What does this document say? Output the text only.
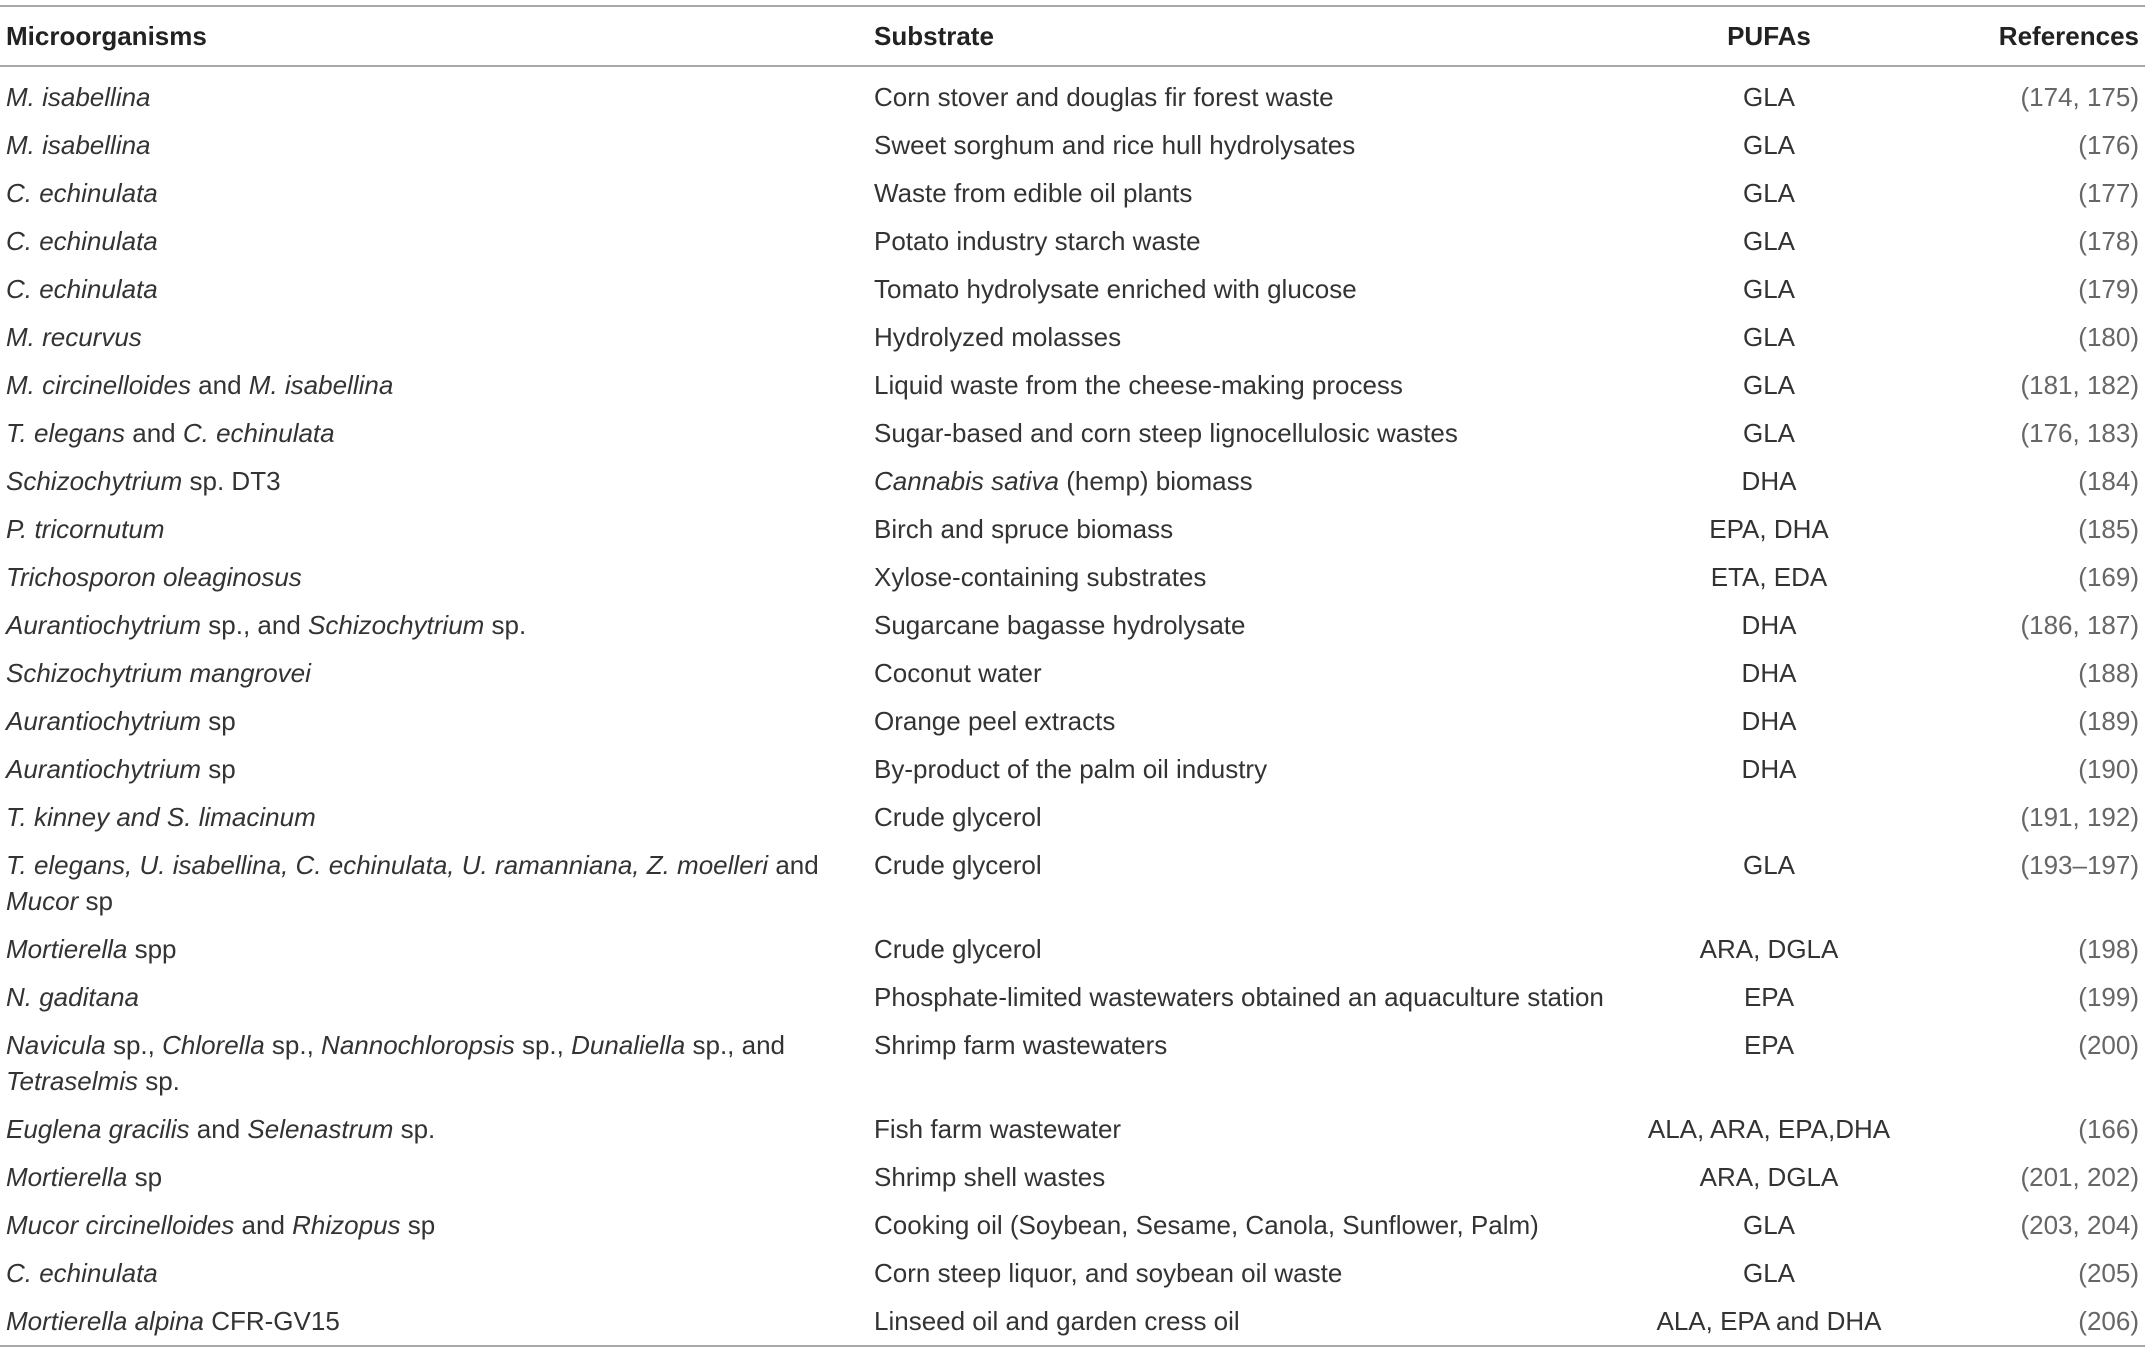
Microorganisms	Substrate	PUFAs	References
M. isabellina	Corn stover and douglas fir forest waste	GLA	(174, 175)
M. isabellina	Sweet sorghum and rice hull hydrolysates	GLA	(176)
C. echinulata	Waste from edible oil plants	GLA	(177)
C. echinulata	Potato industry starch waste	GLA	(178)
C. echinulata	Tomato hydrolysate enriched with glucose	GLA	(179)
M. recurvus	Hydrolyzed molasses	GLA	(180)
M. circinelloides and M. isabellina	Liquid waste from the cheese-making process	GLA	(181, 182)
T. elegans and C. echinulata	Sugar-based and corn steep lignocellulosic wastes	GLA	(176, 183)
Schizochytrium sp. DT3	Cannabis sativa (hemp) biomass	DHA	(184)
P. tricornutum	Birch and spruce biomass	EPA, DHA	(185)
Trichosporon oleaginosus	Xylose-containing substrates	ETA, EDA	(169)
Aurantiochytrium sp., and Schizochytrium sp.	Sugarcane bagasse hydrolysate	DHA	(186, 187)
Schizochytrium mangrovei	Coconut water	DHA	(188)
Aurantiochytrium sp	Orange peel extracts	DHA	(189)
Aurantiochytrium sp	By-product of the palm oil industry	DHA	(190)
T. kinney and S. limacinum	Crude glycerol		(191, 192)
T. elegans, U. isabellina, C. echinulata, U. ramanniana, Z. moelleri and Mucor sp	Crude glycerol	GLA	(193–197)
Mortierella spp	Crude glycerol	ARA, DGLA	(198)
N. gaditana	Phosphate-limited wastewaters obtained an aquaculture station	EPA	(199)
Navicula sp., Chlorella sp., Nannochloropsis sp., Dunaliella sp., and Tetraselmis sp.	Shrimp farm wastewaters	EPA	(200)
Euglena gracilis and Selenastrum sp.	Fish farm wastewater	ALA, ARA, EPA,DHA	(166)
Mortierella sp	Shrimp shell wastes	ARA, DGLA	(201, 202)
Mucor circinelloides and Rhizopus sp	Cooking oil (Soybean, Sesame, Canola, Sunflower, Palm)	GLA	(203, 204)
C. echinulata	Corn steep liquor, and soybean oil waste	GLA	(205)
Mortierella alpina CFR-GV15	Linseed oil and garden cress oil	ALA, EPA and DHA	(206)
